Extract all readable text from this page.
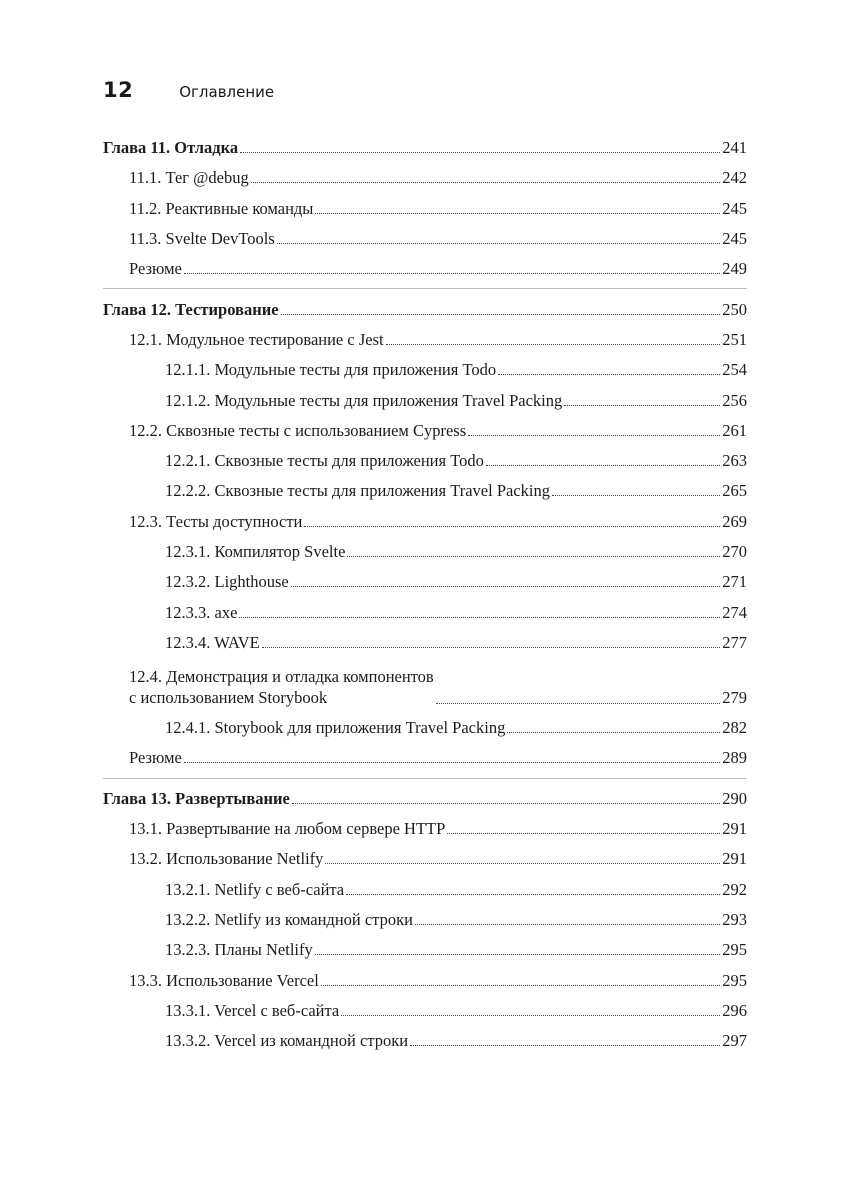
12	Оглавление
Глава 11. Отладка	241
11.1. Тег @debug	242
11.2. Реактивные команды	245
11.3. Svelte DevTools	245
Резюме	249
Глава 12. Тестирование	250
12.1. Модульное тестирование с Jest	251
12.1.1. Модульные тесты для приложения Todo	254
12.1.2. Модульные тесты для приложения Travel Packing	256
12.2. Сквозные тесты с использованием Cypress	261
12.2.1. Сквозные тесты для приложения Todo	263
12.2.2. Сквозные тесты для приложения Travel Packing	265
12.3. Тесты доступности	269
12.3.1. Компилятор Svelte	270
12.3.2. Lighthouse	271
12.3.3. axe	274
12.3.4. WAVE	277
12.4. Демонстрация и отладка компонентов
с использованием Storybook	279
12.4.1. Storybook для приложения Travel Packing	282
Резюме	289
Глава 13. Развертывание	290
13.1. Развертывание на любом сервере HTTP	291
13.2. Использование Netlify	291
13.2.1. Netlify с веб-сайта	292
13.2.2. Netlify из командной строки	293
13.2.3. Планы Netlify	295
13.3. Использование Vercel	295
13.3.1. Vercel с веб-сайта	296
13.3.2. Vercel из командной строки	297
